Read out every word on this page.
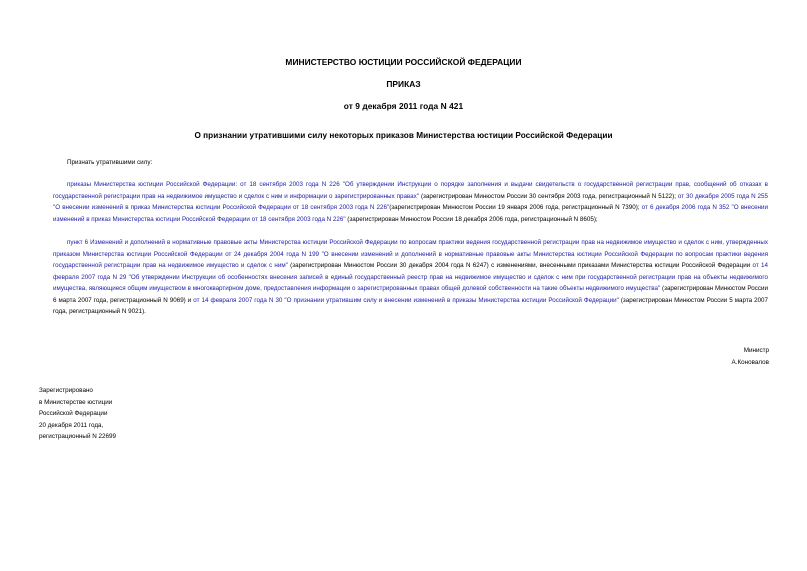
МИНИСТЕРСТВО ЮСТИЦИИ РОССИЙСКОЙ ФЕДЕРАЦИИ
ПРИКАЗ
от 9 декабря 2011 года N 421
О признании утратившими силу некоторых приказов Министерства юстиции Российской Федерации
Признать утратившими силу:
приказы Министерства юстиции Российской Федерации: от 18 сентября 2003 года N 226 "Об утверждении Инструкции о порядке заполнения и выдачи свидетельств о государственной регистрации прав, сообщений об отказах в государственной регистрации прав на недвижимое имущество и сделок с ним и информации о зарегистрированных правах" (зарегистрирован Минюстом России 30 сентября 2003 года, регистрационный N 5122); от 30 декабря 2005 года N 255 "О внесении изменений в приказ Министерства юстиции Российской Федерации от 18 сентября 2003 года N 226"(зарегистрирован Минюстом России 19 января 2006 года, регистрационный N 7390); от 6 декабря 2006 года N 352 "О внесении изменений в приказ Министерства юстиции Российской Федерации от 18 сентября 2003 года N 226" (зарегистрирован Минюстом России 18 декабря 2006 года, регистрационный N 8605);
пункт 6 Изменений и дополнений в нормативные правовые акты Министерства юстиции Российской Федерации по вопросам практики ведения государственной регистрации прав на недвижимое имущество и сделок с ним, утвержденных приказом Министерства юстиции Российской Федерации от 24 декабря 2004 года N 199 "О внесении изменений и дополнений в нормативные правовые акты Министерства юстиции Российской Федерации по вопросам практики ведения государственной регистрации прав на недвижимое имущество и сделок с ним" (зарегистрирован Минюстом России 30 декабря 2004 года N 6247) с изменениями, внесенными приказами Министерства юстиции Российской Федерации от 14 февраля 2007 года N 29 "Об утверждении Инструкции об особенностях внесения записей в единый государственный реестр прав на недвижимое имущество и сделок с ним при государственной регистрации прав на объекты недвижимого имущества, являющиеся общим имуществом в многоквартирном доме, предоставления информации о зарегистрированных правах общей долевой собственности на такие объекты недвижимого имущества" (зарегистрирован Минюстом России 6 марта 2007 года, регистрационный N 9069) и от 14 февраля 2007 года N 30 "О признании утратившим силу и внесении изменений в приказы Министерства юстиции Российской Федерации" (зарегистрирован Минюстом России 5 марта 2007 года, регистрационный N 9021).
Министр
А.Коновалов
Зарегистрировано
в Министерстве юстиции
Российской Федерации
20 декабря 2011 года,
регистрационный N 22699
